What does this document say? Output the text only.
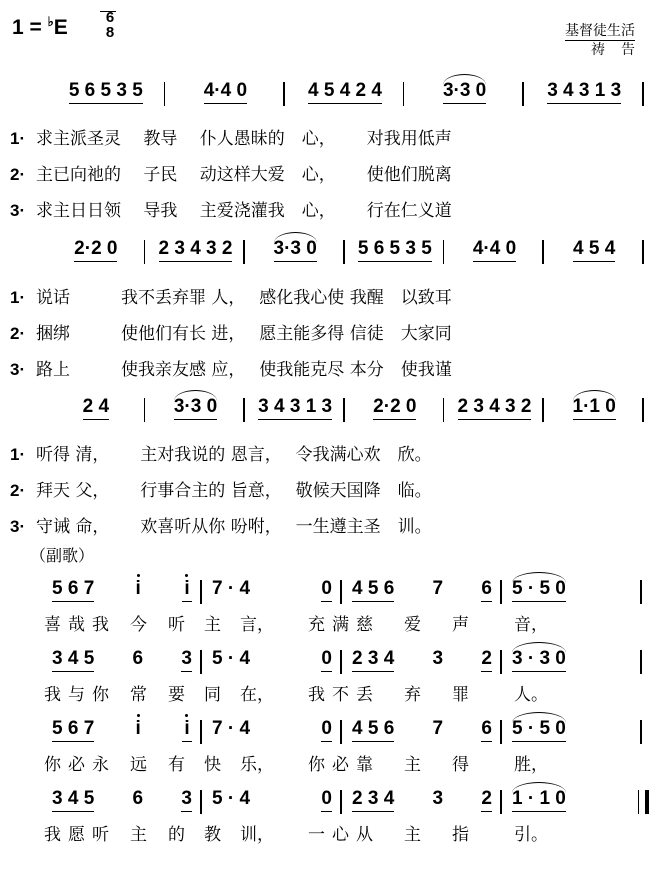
1 = ♭E	6
8	基督徒生活
祷告
5 6 5 3 5	4·4 0	4 5 4 2 4	3·3 0	3 4 3 1 3
1· 求主派圣灵　 教导　 仆人愚昧的　心，　　 对我用低声
2· 主已向祂的　 子民　 动这样大爱　心，　　 使他们脱离
3· 求主日日领　 导我　 主爱浇灌我　心，　　 行在仁义道
2·2 0 2 3 4 3 2 3·3 0 5 6 5 3 5 4·4 0	4 5 4
1· 说话　　　我不丢弃罪 人，　 感化我心使 我醒　以致耳
2· 捆绑　　　使他们有长 进，　 愿主能多得 信徒　大家同
3· 路上　　　使我亲友感 应，　 使我能克尽 本分　使我谨
2 4	3·3 0 3 4 3 1 3 2·2 0 2 3 4 3 2 1·1 0
1· 听得 清，　　 主对我说的 恩言，　 令我满心欢　欣。
2· 拜天 父，　　 行事合主的 旨意，　 敬候天国降　临。
3· 守诫 命，　　 欢喜听从你 吩咐，　 一生遵主圣　训。
（副歌）
5 6 7 i i 7 · 4	0 4 5 6 7 6 5 · 5 0
喜 哉 我 今 听 主 言， 充 满 慈 爱 声	音，
3 4 5 6 3 5 · 4	0 2 3 4 3 2 3 · 3 0
我 与 你 常 要 同 在， 我 不 丢 弃 罪	人。
5 6 7 i i 7 · 4	0 4 5 6 7 6 5 · 5 0
你 必 永 远 有 快 乐， 你 必 靠 主 得	胜，
3 4 5 6 3 5 · 4	0 2 3 4 3 2 1 · 1 0
我 愿 听 主 的 教 训， 一 心 从 主 指	引。
